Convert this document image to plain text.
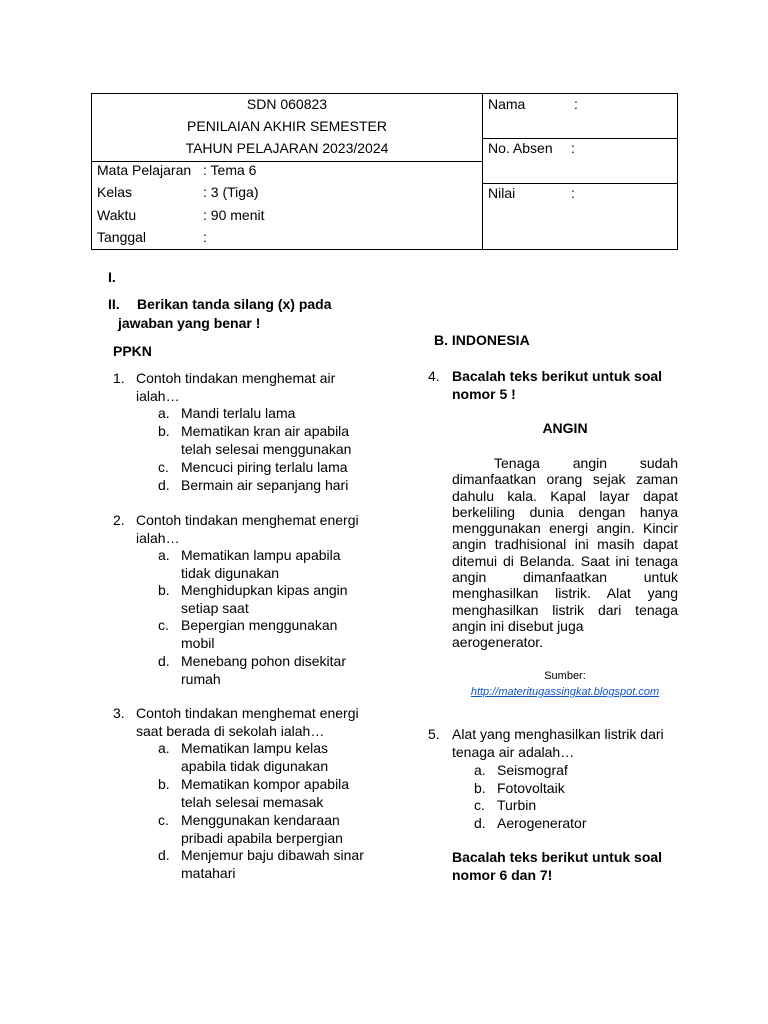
SDN 060823
PENILAIAN AKHIR SEMESTER
TAHUN PELAJARAN 2023/2024
Mata Pelajaran : Tema 6
Kelas	: 3 (Tiga)
Waktu	: 90 menit
Tanggal	:
Nama	:
No. Absen :
Nilai	:
I.
II. Berikan tanda silang (x) pada
jawaban yang benar !
PPKN
1. Contoh tindakan menghemat air
ialah…
a. Mandi terlalu lama
b. Mematikan kran air apabila
telah selesai menggunakan
c. Mencuci piring terlalu lama
d. Bermain air sepanjang hari
2. Contoh tindakan menghemat energi
ialah…
a. Mematikan lampu apabila
tidak digunakan
b. Menghidupkan kipas angin
setiap saat
c. Bepergian menggunakan
mobil
d. Menebang pohon disekitar
rumah
3. Contoh tindakan menghemat energi
saat berada di sekolah ialah…
a. Mematikan lampu kelas
apabila tidak digunakan
b. Mematikan kompor apabila
telah selesai memasak
c. Menggunakan kendaraan
pribadi apabila berpergian
d. Menjemur baju dibawah sinar
matahari
B. INDONESIA
4. Bacalah teks berikut untuk soal
nomor 5 !
ANGIN
Tenaga angin sudah
dimanfaatkan orang sejak zaman
dahulu kala. Kapal layar dapat
berkeliling dunia dengan hanya
menggunakan energi angin. Kincir
angin tradhisional ini masih dapat
ditemui di Belanda. Saat ini tenaga
angin dimanfaatkan untuk
menghasilkan listrik. Alat yang
menghasilkan listrik dari tenaga
angin ini disebut juga aerogenerator.
Sumber:
http://materitugassingkat.blogspot.com
5. Alat yang menghasilkan listrik dari
tenaga air adalah…
a. Seismograf
b. Fotovoltaik
c. Turbin
d. Aerogenerator
Bacalah teks berikut untuk soal
nomor 6 dan 7!
